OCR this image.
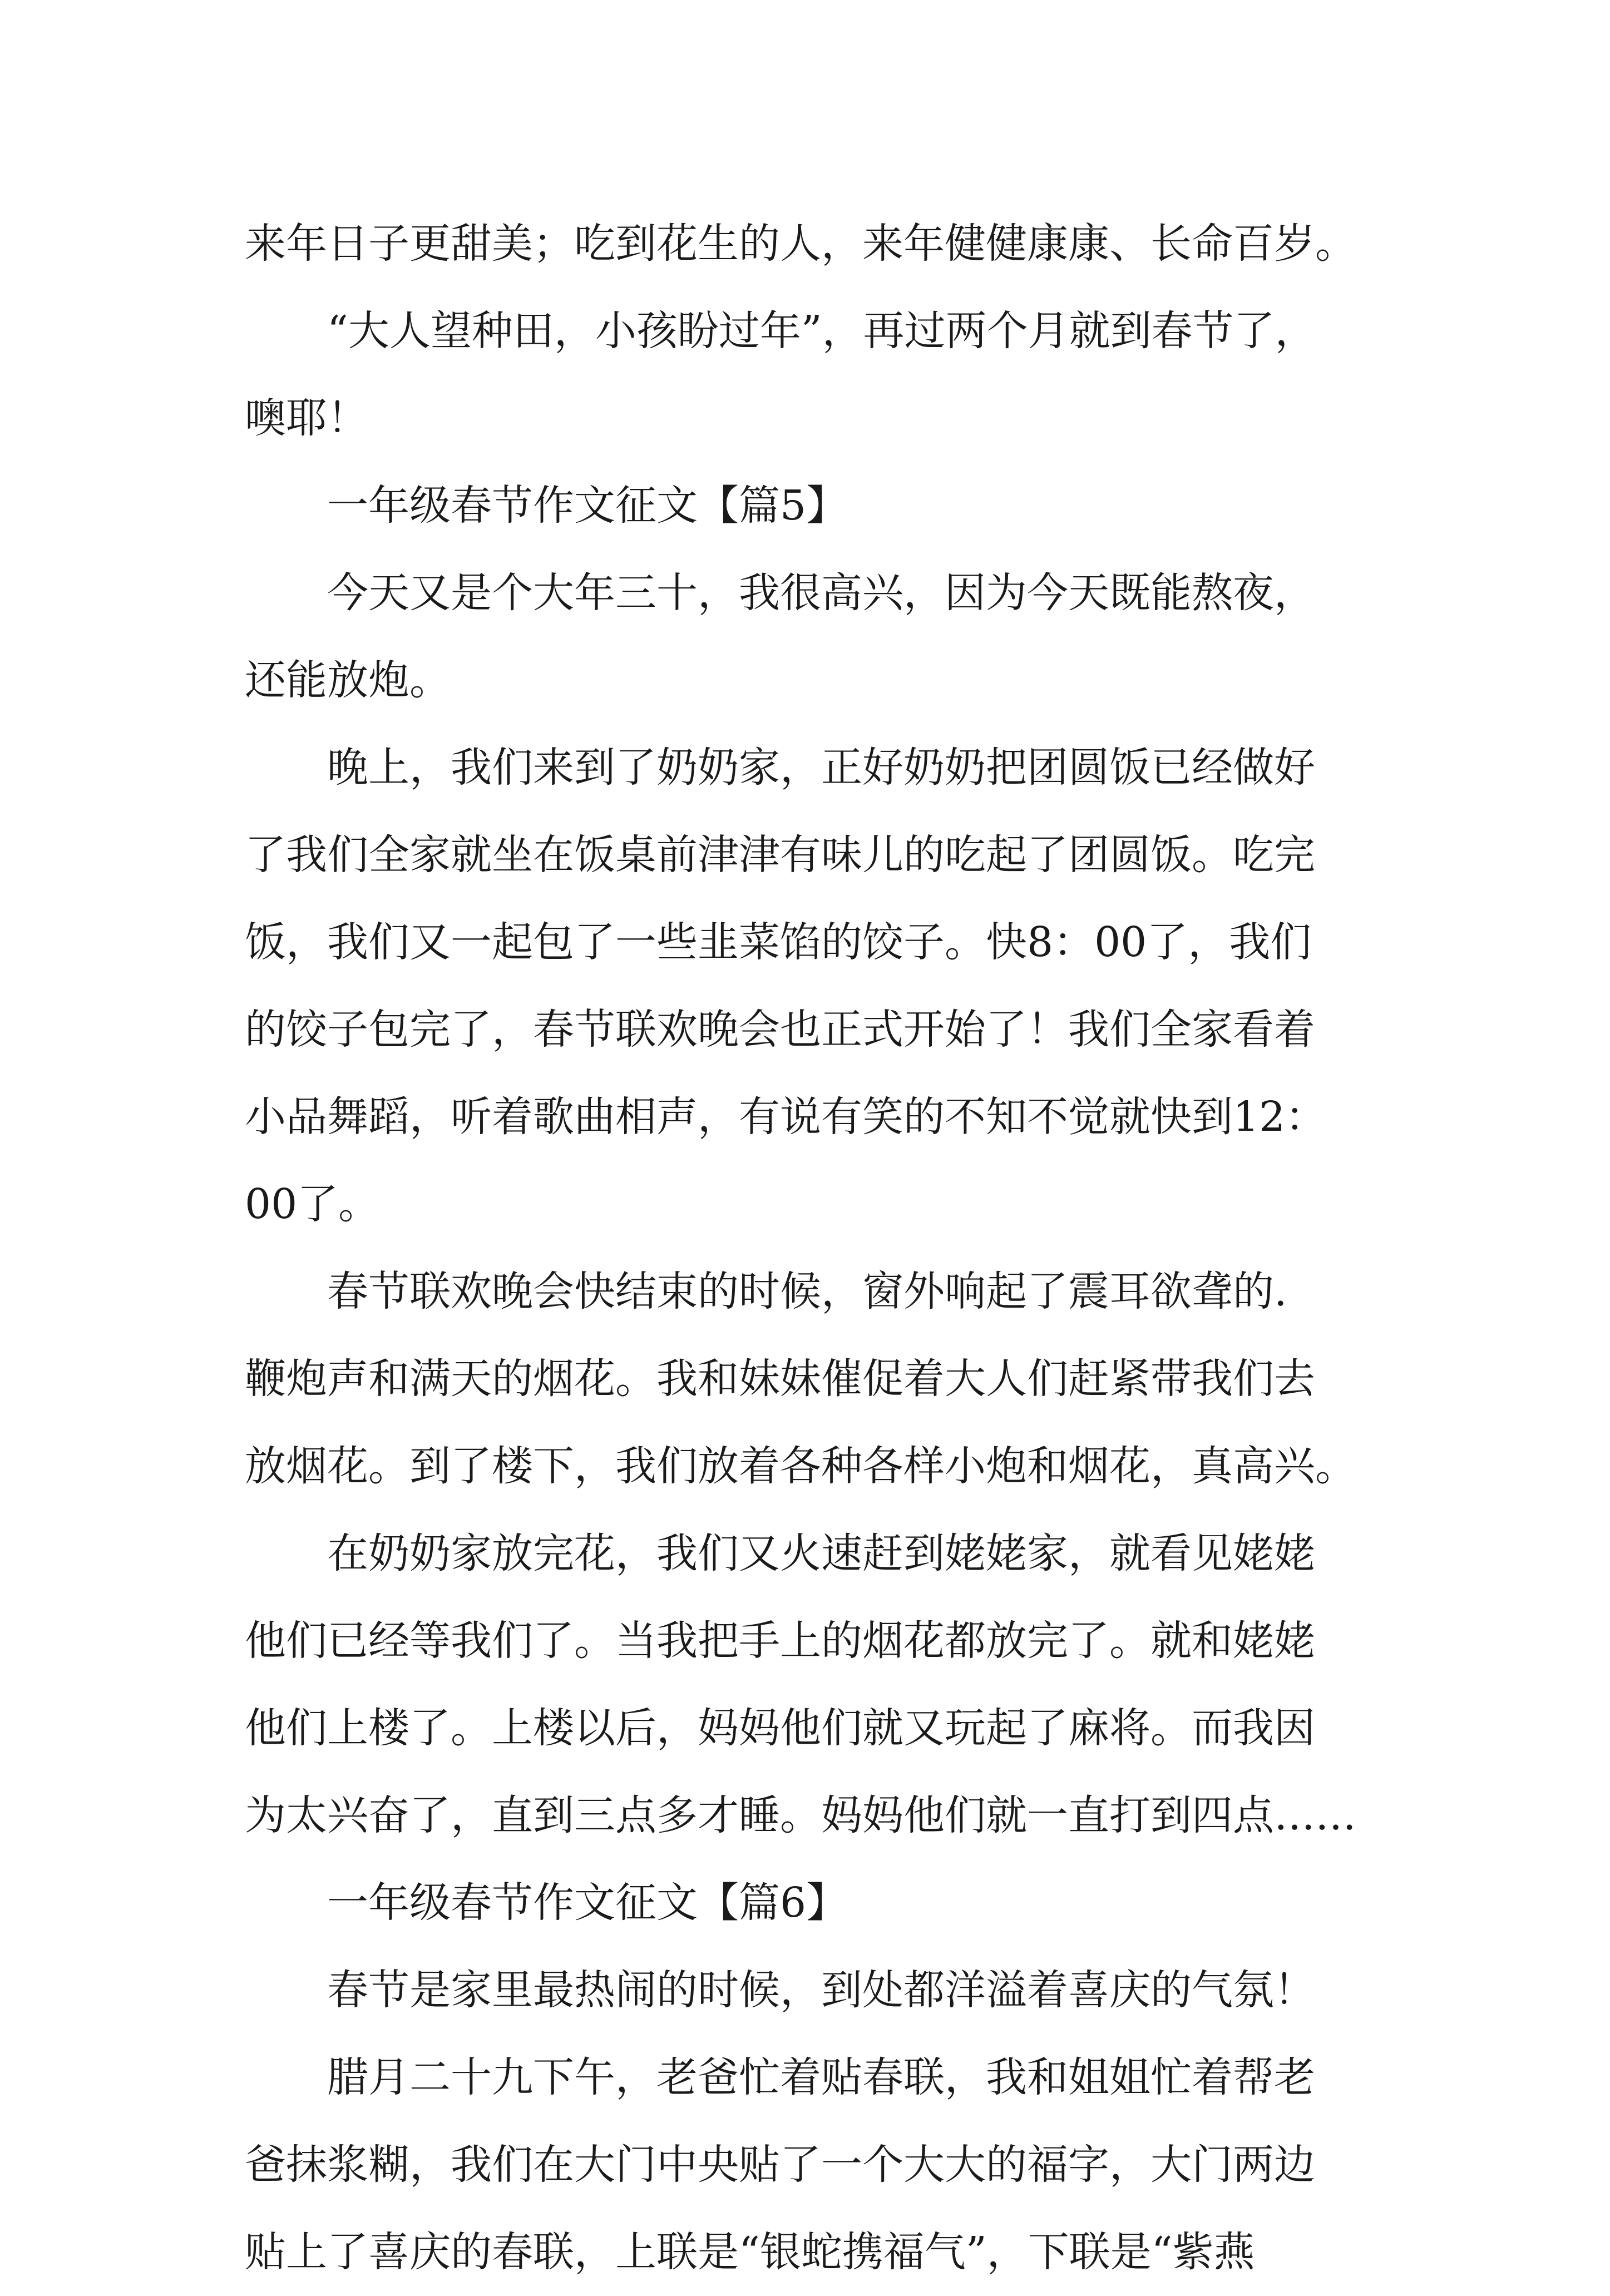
来年日子更甜美；吃到花生的人，来年健健康康、长命百岁。
　　“大人望种田，小孩盼过年”，再过两个月就到春节了，
噢耶！
　　一年级春节作文征文【篇5】
　　今天又是个大年三十，我很高兴，因为今天既能熬夜，
还能放炮。
　　晚上，我们来到了奶奶家，正好奶奶把团圆饭已经做好
了我们全家就坐在饭桌前津津有味儿的吃起了团圆饭。吃完
饭，我们又一起包了一些韭菜馅的饺子。快8：00了，我们
的饺子包完了，春节联欢晚会也正式开始了！我们全家看着
小品舞蹈，听着歌曲相声，有说有笑的不知不觉就快到12：
00了。
　　春节联欢晚会快结束的时候，窗外响起了震耳欲聋的.
鞭炮声和满天的烟花。我和妹妹催促着大人们赶紧带我们去
放烟花。到了楼下，我们放着各种各样小炮和烟花，真高兴。
　　在奶奶家放完花，我们又火速赶到姥姥家，就看见姥姥
他们已经等我们了。当我把手上的烟花都放完了。就和姥姥
他们上楼了。上楼以后，妈妈他们就又玩起了麻将。而我因
为太兴奋了，直到三点多才睡。妈妈他们就一直打到四点……
　　一年级春节作文征文【篇6】
　　春节是家里最热闹的时候，到处都洋溢着喜庆的气氛！
　　腊月二十九下午，老爸忙着贴春联，我和姐姐忙着帮老
爸抹浆糊，我们在大门中央贴了一个大大的福字，大门两边
贴上了喜庆的春联，上联是“银蛇携福气”，下联是“紫燕
